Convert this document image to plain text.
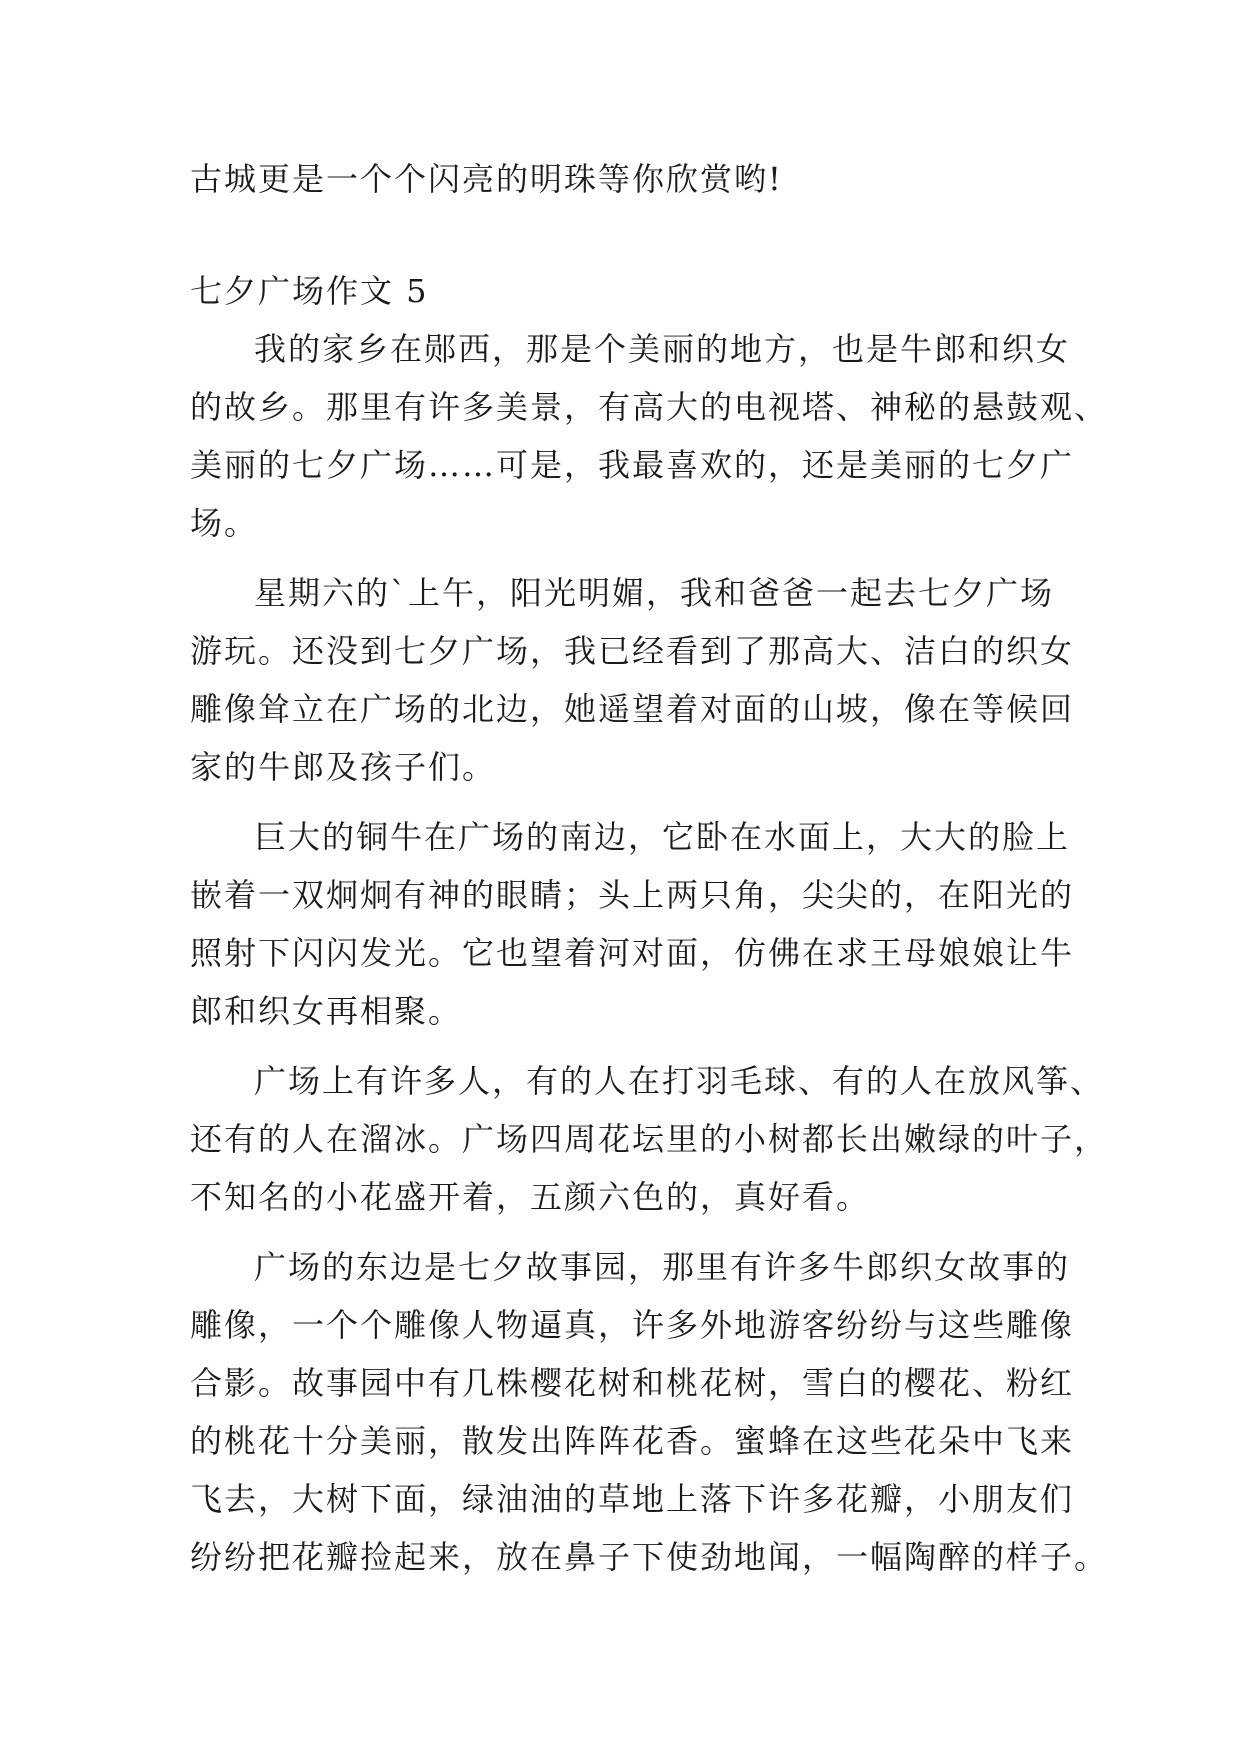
古城更是一个个闪亮的明珠等你欣赏哟!
七夕广场作文 5
我的家乡在郧西，那是个美丽的地方，也是牛郎和织女
的故乡。那里有许多美景，有高大的电视塔、神秘的悬鼓观、
美丽的七夕广场……可是，我最喜欢的，还是美丽的七夕广
场。
星期六的`上午，阳光明媚，我和爸爸一起去七夕广场
游玩。还没到七夕广场，我已经看到了那高大、洁白的织女
雕像耸立在广场的北边，她遥望着对面的山坡，像在等候回
家的牛郎及孩子们。
巨大的铜牛在广场的南边，它卧在水面上，大大的脸上
嵌着一双炯炯有神的眼睛；头上两只角，尖尖的，在阳光的
照射下闪闪发光。它也望着河对面，仿佛在求王母娘娘让牛
郎和织女再相聚。
广场上有许多人，有的人在打羽毛球、有的人在放风筝、
还有的人在溜冰。广场四周花坛里的小树都长出嫩绿的叶子，
不知名的小花盛开着，五颜六色的，真好看。
广场的东边是七夕故事园，那里有许多牛郎织女故事的
雕像，一个个雕像人物逼真，许多外地游客纷纷与这些雕像
合影。故事园中有几株樱花树和桃花树，雪白的樱花、粉红
的桃花十分美丽，散发出阵阵花香。蜜蜂在这些花朵中飞来
飞去，大树下面，绿油油的草地上落下许多花瓣，小朋友们
纷纷把花瓣捡起来，放在鼻子下使劲地闻，一幅陶醉的样子。
